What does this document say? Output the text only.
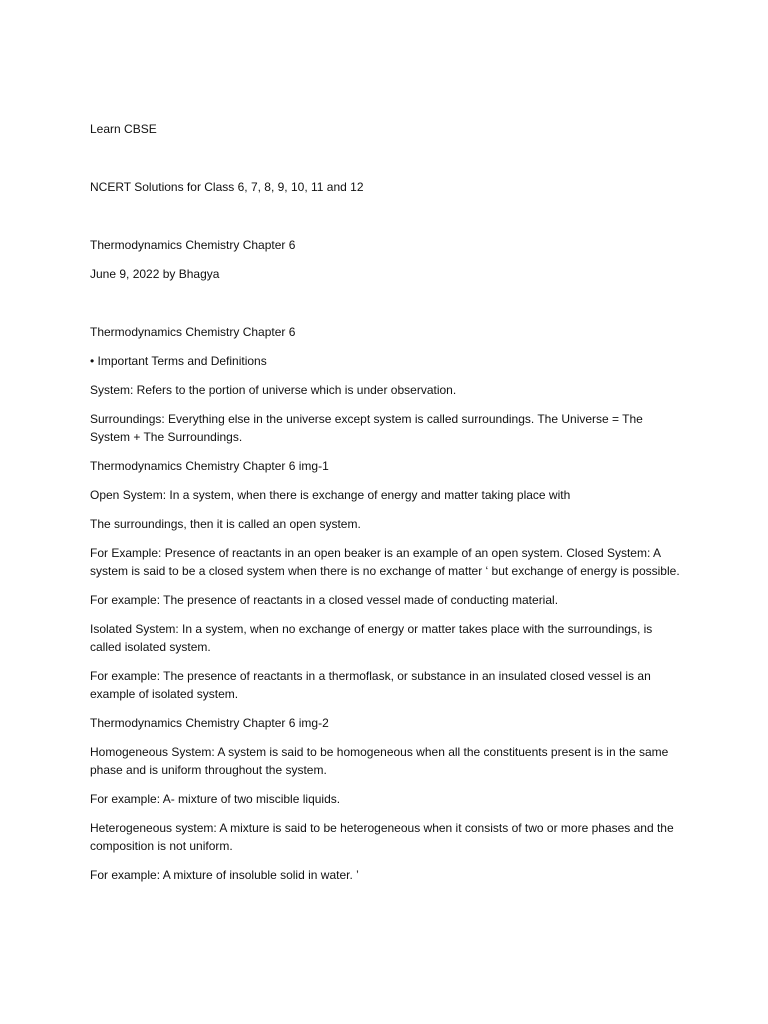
Learn CBSE

NCERT Solutions for Class 6, 7, 8, 9, 10, 11 and 12

Thermodynamics Chemistry Chapter 6

June 9, 2022 by Bhagya

Thermodynamics Chemistry Chapter 6

• Important Terms and Definitions

System: Refers to the portion of universe which is under observation.

Surroundings: Everything else in the universe except system is called surroundings. The Universe = The System + The Surroundings.

Thermodynamics Chemistry Chapter 6 img-1

Open System: In a system, when there is exchange of energy and matter taking place with

The surroundings, then it is called an open system.

For Example: Presence of reactants in an open beaker is an example of an open system. Closed System: A system is said to be a closed system when there is no exchange of matter ‘ but exchange of energy is possible.

For example: The presence of reactants in a closed vessel made of conducting material.

Isolated System: In a system, when no exchange of energy or matter takes place with the surroundings, is called isolated system.

For example: The presence of reactants in a thermoflask, or substance in an insulated closed vessel is an example of isolated system.

Thermodynamics Chemistry Chapter 6 img-2

Homogeneous System: A system is said to be homogeneous when all the constituents present is in the same phase and is uniform throughout the system.

For example: A- mixture of two miscible liquids.

Heterogeneous system: A mixture is said to be heterogeneous when it consists of two or more phases and the composition is not uniform.

For example: A mixture of insoluble solid in water. ’
